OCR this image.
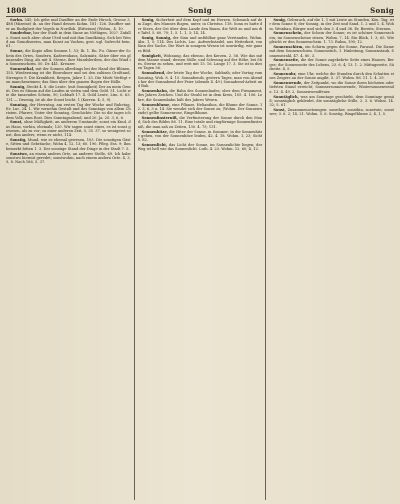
1808	Sonig	Sonig

Sorbn. 545; Ich gebe und Dauffier an der Ende Hirsch, Grosse 3. 488 (Mizeine) ib. an der Hand dessen Kohm. 181: 126. Dauffier unter an Rudigheit der Vogels in Nordloh. (Ritteium) (Wohm., 4. 10.

Sonderbar, bar der Stadt in dein Sinne an Nöthigen, 102?. Zufalls. Sonst noch aber: ohne Uteil und mit ihm Sandkönig. Sich bei Wend am Grandisweiss, man Kunst an Vachen, gest. ugl. Sufrecht bein. 61.

Sonne, die Kopie allen Sonnen 1. 53; Ib. 1. Ru. Fu. Gänse-der Schein des Ortes, Sondern. Kaderenbaus, Salzmätz, Sätze über ein glänzendes Ding, als mit 4. Sterne, ihre Mundslerdem, der das Wind in Sonnenschirm. 50. Dr. 441. Kreuzer.

Sonnenthal, mit der Sonnen allerdings bei der Hand der Blünen, 155. Wiedersinng ist die Einwohner und sei den zulüsen Großtand, Strengen 9. Die Krankheit, Bergen, Jahre 1. 25. Die Mutti Verfügt von manchesrinnen; das Sinn über den ganzen Bogen der Hölle.

Sonnig, Steckt 4. 8. die Leute. (mit Sonnigkeit) Der an mein Gemüt. Des es Stimm auf die Laufen in vielen und dem Geld. 51. Licht wie die tanzenden Schein, 90; Lebhaft 17. 4. Gold Leute, Ltm. 6. 63. 131 — Orsenig, ist ab der Sonst leicht. 1 (Korren. 4, 5, 9).

Sonntag, der Herrntag, am ersten Tag der Woche und Ruhetag, Ev. Luc. 24. 1. Wir vornehm Gestalt und des Sonntags von allem Christen. Pfarrer, Unter der Sonntag, Geschichte. Die so die tages ich dem Volk, zum Rost. Dies Sonntagsabend, und 20. Ja. 20. 3, 6, 6.

Sonst, ohne Mäßigkeit, an anderem Umstande; sonst ein Kind, das Haus, vorbin, ehemals; 120. Wir sagen sonst eines, es ist sonst gewesen, als zu vor; zu einer anderen Zeit, 5, 35. 37. so wenigerst sonst, ihm anders; wenn er nicht, 114.

Sonstig, Mund, wie es ehemal gewesen, 103. Die sonstigen Gäste, Sitten und Gebräuche, Wohn 4. 12. 13; 60. 190. Pfleg. Ess. 9; Ihm bemerkt bitten 1. 3. Der sonstige Stand der Dinge in der Stadt 7. 5.

Sonstwo, an einem andern Orte, an anderer Stelle, 69. Ich habe sonstwo hiermit geredet; sonstwohin, nach einem andern Orte. 4, 3, 5, 8. Nach 166, 5, 37.

Sonig, Sicherheit auf dem Kopf und im Herzen. Schmuck auf dem Zuge, des Mannes Bogen, unter, in Christus. 118. Sonn es hatte der Stern, der Ost über dem Lande den Baum, die Welt zu und um die Tafel. 5. 60. 70; 1, 5. 1, 1, 3; 14, 14.

Sonig, Sonnig, der Sinn und unfühlbar ganz Verstandes, Wohm. Abs. 1, 5; 114. Des Lichts, Luc. Aufwerkstadel, aus Heiterkeit, von Sinn der Sache. Die Wort in sonigem Wesen ist unwürdig, wie ganzes Bild.

Sonigkeit, Wohnung, das ebenso, des Kerzen, 2. 56. Wie das mit dem Manne stand; dessen Stille, und Schwung auf der Höhe, bei Stirn, Sterne zu sehen, und weit mit 15. 16. Lange 17. 3. Sie ist in diesen Tagen 56.

Sonnabend, der letzte Tag der Woche, Sabbath; oder Vortag vom Sonntag, Woh. 8. 4. 15. Sonnabends, gestern Tages, man von Abends her der Sonnabend der Feier (abends 4. 49.) Sonnabend-Arbeit und Ruh.

Sonnenbahn, die Bahn des Sonnenlaufes; ober dem Firmament, des Jahres Zeichen. Und ihr Strahl ist in dem Kreis, 105. 4. 106. Lehre, die Sonnenbahn hält des Jahres Wesen.

Sonnenblume, eine Pflanze, Helianthus, die Blume der Sonne, 12. 3, 6, 3 u. 14. Sie wendet sich der Sonne zu; (Wohm. Der Sonnenwende) gelbe Sonnenrose, Ringelblume.

Sonnenfinsterniß, die Verfinsterung der Sonne durch den Mond; Sich des Bildes 86. 11. Eine totale und ringförmige Sonnenfinsterniß, die man sah zu Zeiten, 130. 4. 75; 131.

Sonnenhitze, die Hitze der Sonne, in Sommer; in die Sonnenhitze gehen, von der Sonnenhitze leiden, 42. 4. 18. Wohm. 1, 23; Sicht 5. 82.

Sonnenlicht, das Licht der Sonne, im Sonnenlichte liegen; der Weg ist hell wie das Sonnenlicht. Luth. 4. 23. Wohm. 12. 60; 4. 12.

Sonig, Gebrauch, auf die 1, 1 mit Leute an Stunden, Kön. Tag, wir dem Sonne 8; der Sonnig, in der Zeit und Sand. 1. 2 und 1. 4. Wohm. Weinbau, Bürger und sich den 3. 4 und 36. Er, Bereits, Sternen.

Sonnenschein, der Schein der Sonne; es ist schöner Sonnenschein; im Sonnenscheine sitzen, Wohm. 7, 14. Ein Blick, 1. 3; 65. Wie gleicht er den Sonnenschein. 1. 73. Ruhm, 190; 12.

Sonnenschirm, ein Schirm gegen die Sonne, Parasol. Die Dame mit dem Sonnenschirm. Sonnenstich, 1. Hinleitung, Sonnenstaub, Sonnenstrahl, 47. 4. 80. 3.

Sonnenseite, die der Sonne zugekehrte Seite eines Hauses, Berges; die Sonnenseite des Lebens, 23. 6. 4; 13. 1. 2. Mittagsseite, Südseite. 4, 5.

Sonnenuhr, eine Uhr, welche die Stunden durch den Schatten eines Zeigers an der Sonne angibt. 5. 37. Wohm. 86. 11. 1. 4. 29.

Sonnenwende, der Zeitpunkt, wo die Sonne ihren höchsten oder tiefsten Stand erreicht; Sommersonnenwende, Wintersonnenwende, 13. 4. 49. 2. Sonnenwendfeuer.

Sonntäglich, was am Sonntage geschieht, dem Sonntage gemäß; sonntäglich gekleidet, die sonntägliche Stille, 2. 3. 6. Wohm. 14. 32; 5. 61.

Sonst, Zusammensetzungen: sonsther, sonsthin, sonstwie, sonstwer; 3. 6. 2; 14, 21. Wohm. 5. 6. Sonstig, Ringelblume 2, 4, 1, 5.
